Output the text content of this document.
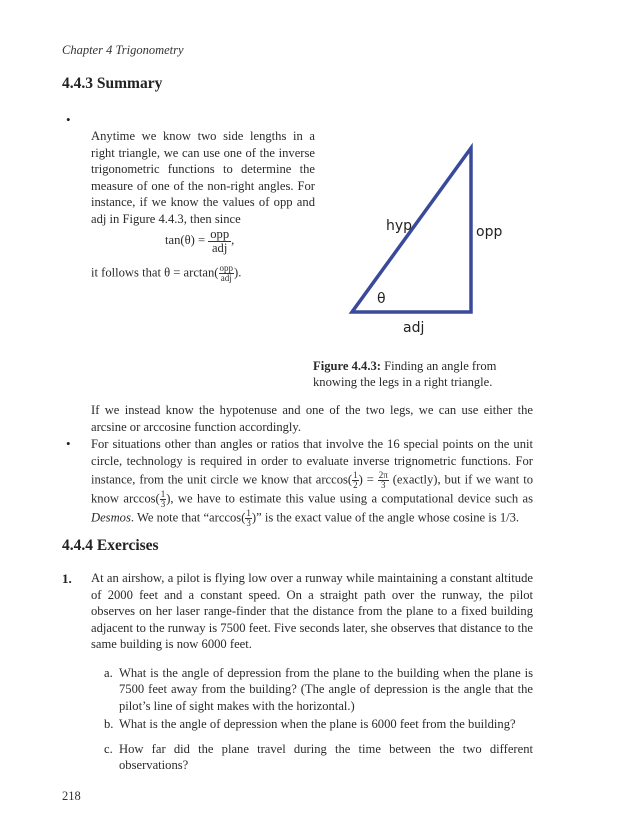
Chapter 4 Trigonometry
4.4.3 Summary
•
Anytime we know two side lengths in a right triangle, we can use one of the inverse trigonometric functions to determine the measure of one of the non-right angles. For instance, if we know the values of opp and adj in Figure 4.4.3, then since
$\tan(\theta) = \frac{\text{opp}}{\text{adj}}$ ,
it follows that $\theta = \arctan( \frac{\text{opp}}{\text{adj}}$ ).
hyp	opp
θ
adj
Figure 4.4.3: Finding an angle from knowing the legs in a right triangle.
If we instead know the hypotenuse and one of the two legs, we can use either the arcsine or arccosine function accordingly.
• For situations other than angles or ratios that involve the 16 special points on the unit circle, technology is required in order to evaluate inverse trignometric functions. For instance, from the unit circle we know that $\arccos( \frac{1}{2}$ ) = $\frac{2\pi}{3}$ (exactly), but if we want to know $\arccos( \frac{1}{3}$ ), we have to estimate this value using a computational device such as Desmos. We note that “$\arccos( \frac{1}{3}$ )” is the exact value of the angle whose cosine is 1/3.
4.4.4 Exercises
1. At an airshow, a pilot is flying low over a runway while maintaining a constant altitude of 2000 feet and a constant speed. On a straight path over the runway, the pilot observes on her laser range-finder that the distance from the plane to a fixed building adjacent to the runway is 7500 feet. Five seconds later, she observes that distance to the same building is now 6000 feet.
a. What is the angle of depression from the plane to the building when the plane is 7500 feet away from the building? (The angle of depression is the angle that the pilot’s line of sight makes with the horizontal.)
b. What is the angle of depression when the plane is 6000 feet from the building?
c. How far did the plane travel during the time between the two different observations?
218
